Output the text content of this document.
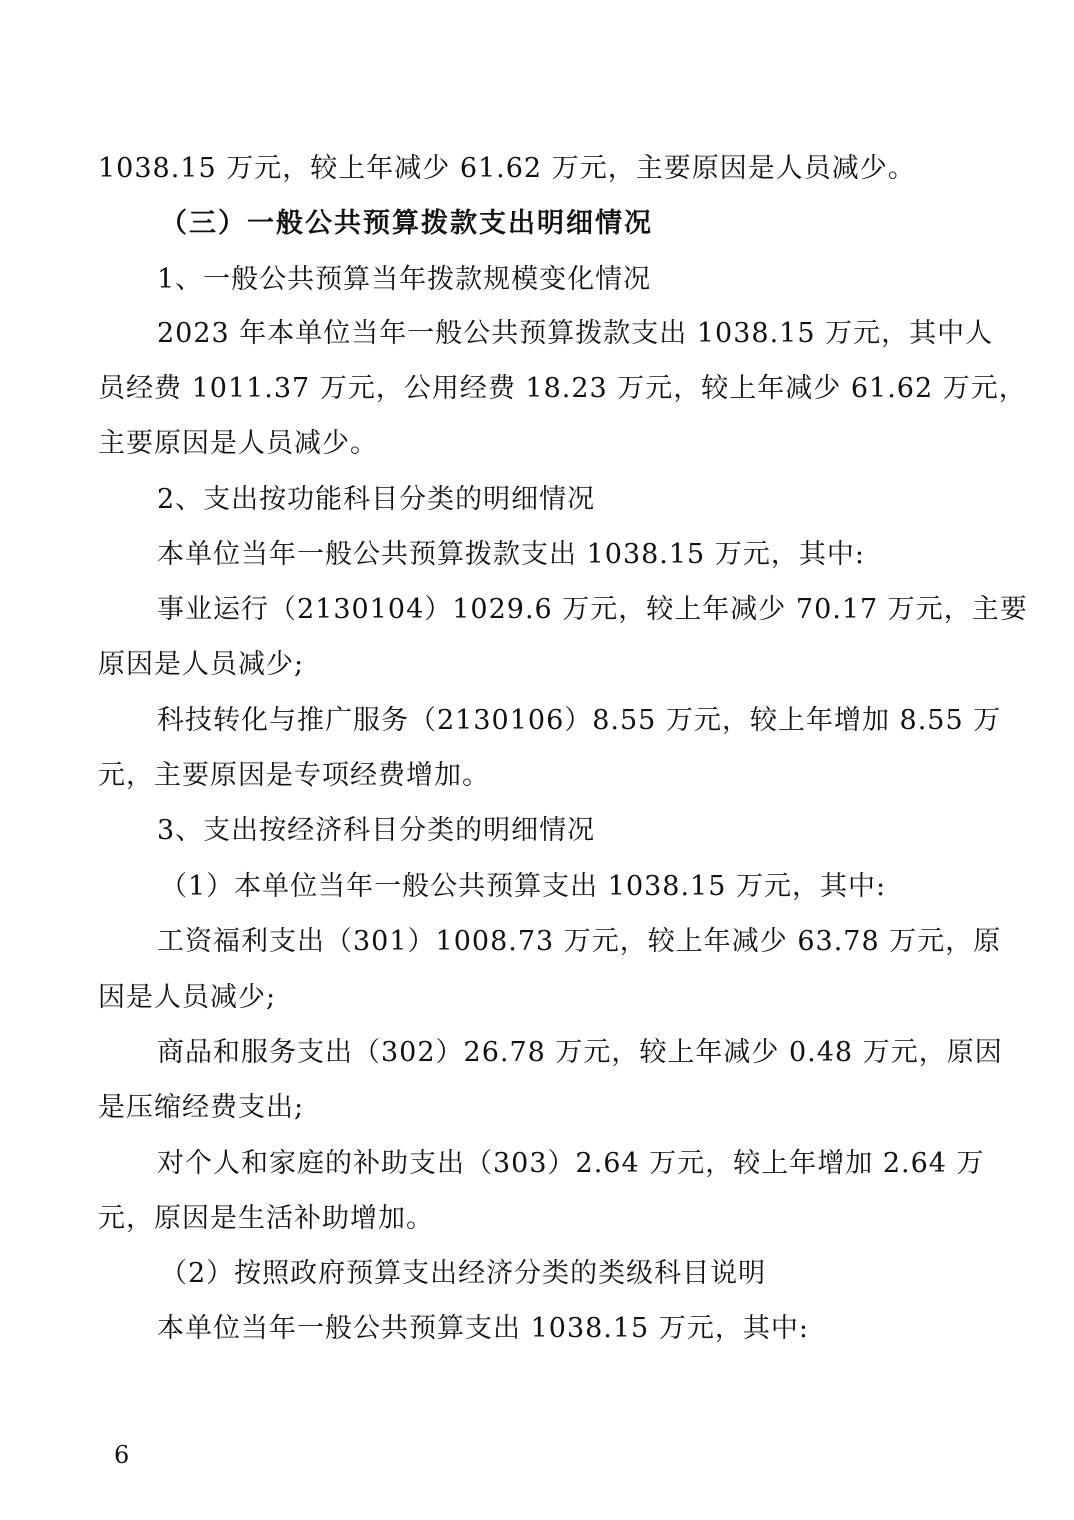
1038.15 万元，较上年减少 61.62 万元，主要原因是人员减少。
（三）一般公共预算拨款支出明细情况
1、一般公共预算当年拨款规模变化情况
2023 年本单位当年一般公共预算拨款支出 1038.15 万元，其中人
员经费 1011.37 万元，公用经费 18.23 万元，较上年减少 61.62 万元，
主要原因是人员减少。
2、支出按功能科目分类的明细情况
本单位当年一般公共预算拨款支出 1038.15 万元，其中:
事业运行（2130104）1029.6 万元，较上年减少 70.17 万元，主要
原因是人员减少;
科技转化与推广服务（2130106）8.55 万元，较上年增加 8.55 万
元，主要原因是专项经费增加。
3、支出按经济科目分类的明细情况
（1）本单位当年一般公共预算支出 1038.15 万元，其中:
工资福利支出（301）1008.73 万元，较上年减少 63.78 万元，原
因是人员减少;
商品和服务支出（302）26.78 万元，较上年减少 0.48 万元，原因
是压缩经费支出;
对个人和家庭的补助支出（303）2.64 万元，较上年增加 2.64 万
元，原因是生活补助增加。
（2）按照政府预算支出经济分类的类级科目说明
本单位当年一般公共预算支出 1038.15 万元，其中:
6
